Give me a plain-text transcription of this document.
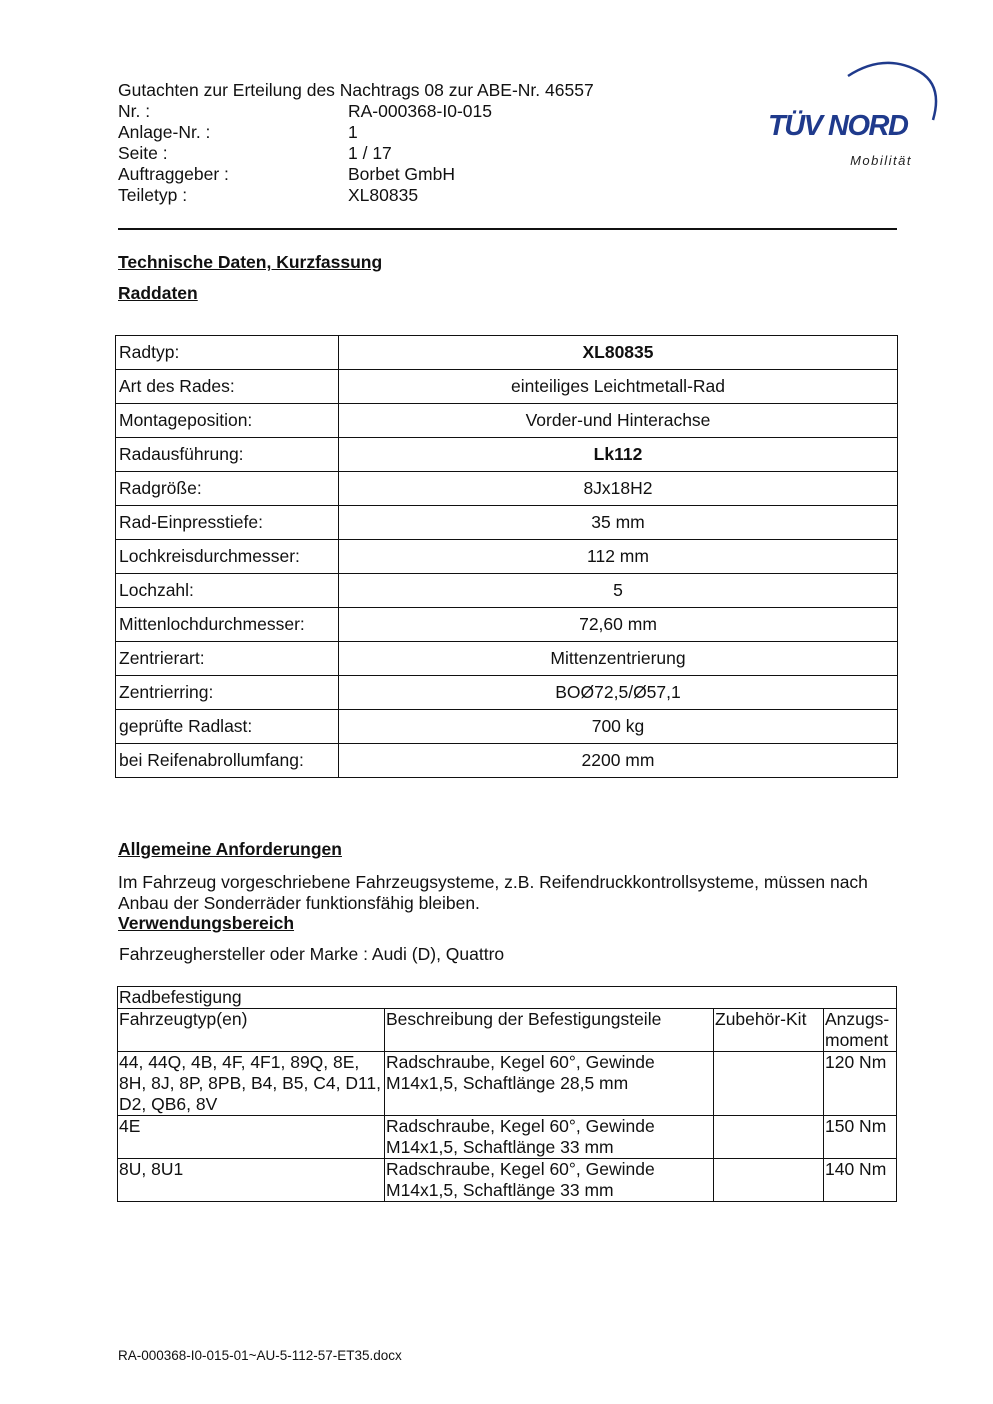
Gutachten zur Erteilung des Nachtrags 08 zur ABE-Nr. 46557
Nr. :	RA-000368-I0-015
Anlage-Nr. :	1
Seite :	1 / 17
Auftraggeber :	Borbet GmbH
Teiletyp :	XL80835
TÜV NORD
Mobilität
Technische Daten, Kurzfassung
Raddaten
Radtyp:	XL80835
Art des Rades:	einteiliges Leichtmetall-Rad
Montageposition:	Vorder-und Hinterachse
Radausführung:	Lk112
Radgröße:	8Jx18H2
Rad-Einpresstiefe:	35 mm
Lochkreisdurchmesser:	112 mm
Lochzahl:	5
Mittenlochdurchmesser:	72,60 mm
Zentrierart:	Mittenzentrierung
Zentrierring:	BOØ72,5/Ø57,1
geprüfte Radlast:	700 kg
bei Reifenabrollumfang:	2200 mm
Allgemeine Anforderungen
Im Fahrzeug vorgeschriebene Fahrzeugsysteme, z.B. Reifendruckkontrollsysteme, müssen nach Anbau der Sonderräder funktionsfähig bleiben.
Verwendungsbereich
Fahrzeughersteller oder Marke : Audi (D), Quattro
Radbefestigung			
Fahrzeugtyp(en)	Beschreibung der Befestigungsteile	Zubehör-Kit	Anzugs-moment
44, 44Q, 4B, 4F, 4F1, 89Q, 8E, 8H, 8J, 8P, 8PB, B4, B5, C4, D11, D2, QB6, 8V	Radschraube, Kegel 60°, Gewinde M14x1,5, Schaftlänge 28,5 mm		120 Nm
4E	Radschraube, Kegel 60°, Gewinde M14x1,5, Schaftlänge 33 mm		150 Nm
8U, 8U1	Radschraube, Kegel 60°, Gewinde M14x1,5, Schaftlänge 33 mm		140 Nm
RA-000368-I0-015-01~AU-5-112-57-ET35.docx
